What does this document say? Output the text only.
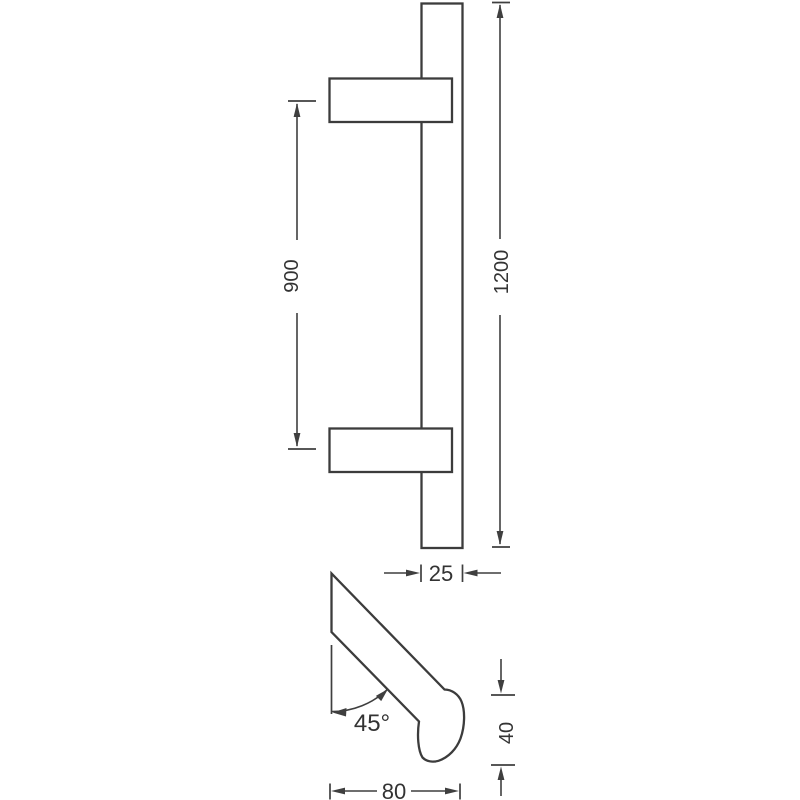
900	1200
25
45°	40
80
